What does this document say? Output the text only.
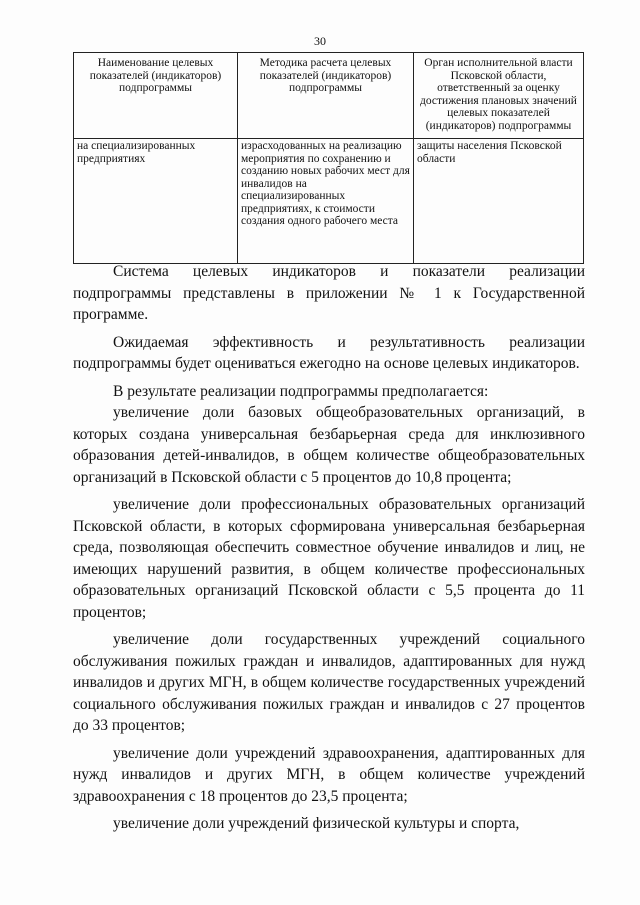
30
Наименование целевых показателей (индикаторов) подпрограммы	Методика расчета целевых показателей (индикаторов) подпрограммы	Орган исполнительной власти Псковской области, ответственный за оценку достижения плановых значений целевых показателей (индикаторов) подпрограммы
на специализированных предприятиях	израсходованных на реализацию мероприятия по сохранению и созданию новых рабочих мест для инвалидов на специализированных предприятиях, к стоимости создания одного рабочего места	защиты населения Псковской области

Система целевых индикаторов и показатели реализации подпрограммы представлены в приложении № 1 к Государственной программе.

Ожидаемая эффективность и результативность реализации подпрограммы будет оцениваться ежегодно на основе целевых индикаторов.

В результате реализации подпрограммы предполагается:

увеличение доли базовых общеобразовательных организаций, в которых создана универсальная безбарьерная среда для инклюзивного образования детей-инвалидов, в общем количестве общеобразовательных организаций в Псковской области с 5 процентов до 10,8 процента;

увеличение доли профессиональных образовательных организаций Псковской области, в которых сформирована универсальная безбарьерная среда, позволяющая обеспечить совместное обучение инвалидов и лиц, не имеющих нарушений развития, в общем количестве профессиональных образовательных организаций Псковской области с 5,5 процента до 11 процентов;

увеличение доли государственных учреждений социального обслуживания пожилых граждан и инвалидов, адаптированных для нужд инвалидов и других МГН, в общем количестве государственных учреждений социального обслуживания пожилых граждан и инвалидов с 27 процентов до 33 процентов;

увеличение доли учреждений здравоохранения, адаптированных для нужд инвалидов и других МГН, в общем количестве учреждений здравоохранения с 18 процентов до 23,5 процента;

увеличение доли учреждений физической культуры и спорта,
